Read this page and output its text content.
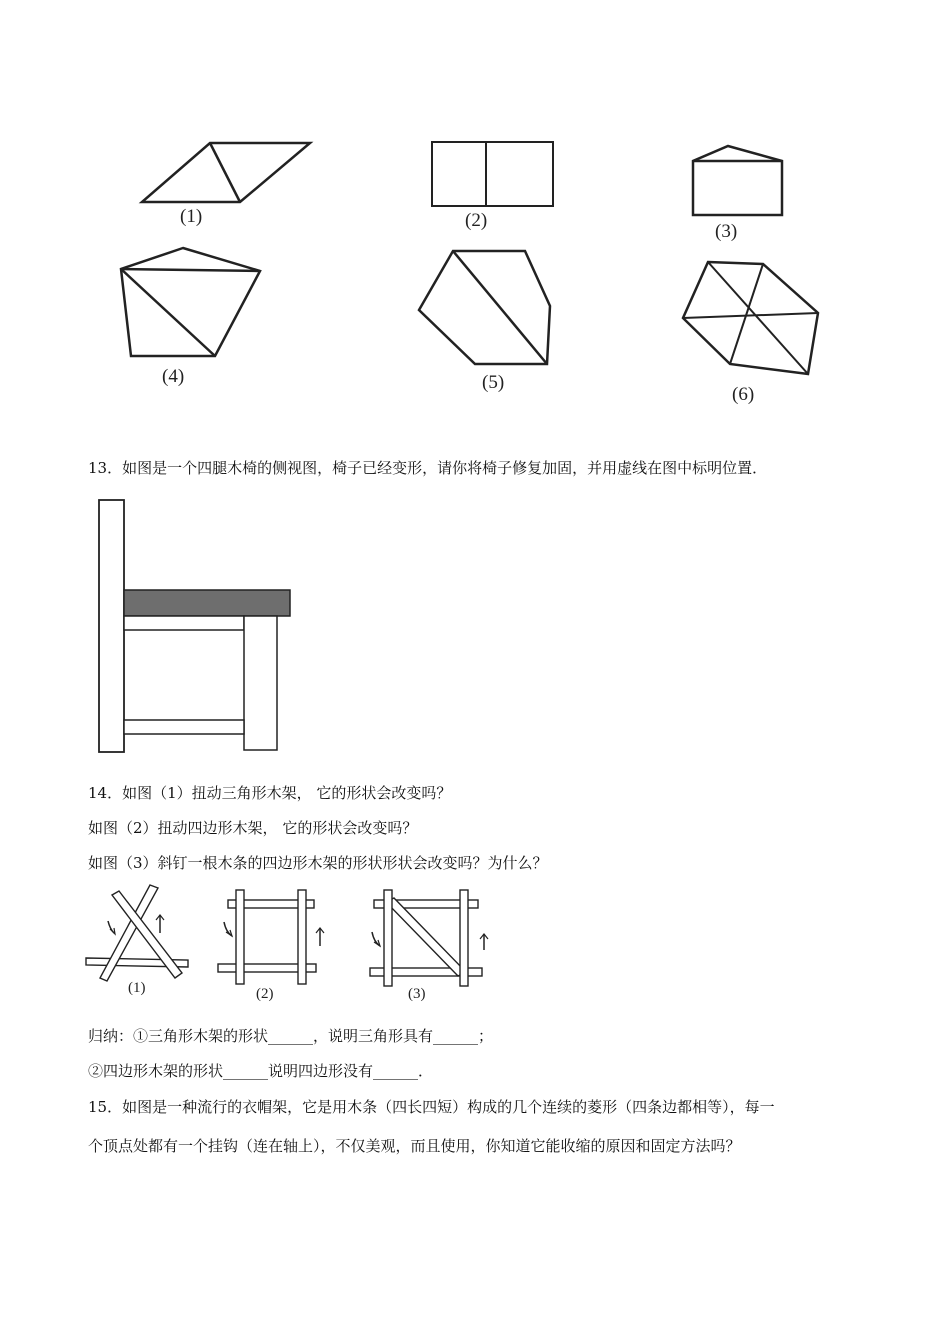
(1)	(2)
(3)
(4)	(5)
(6)
13．如图是一个四腿木椅的侧视图，椅子已经变形，请你将椅子修复加固，并用虚线在图中标明位置．
14．如图（1）扭动三角形木架， 它的形状会改变吗？
如图（2）扭动四边形木架， 它的形状会改变吗？
如图（3）斜钉一根木条的四边形木架的形状形状会改变吗？为什么？
(1)	(2)	(3)
归纳：①三角形木架的形状______，说明三角形具有______；
②四边形木架的形状______说明四边形没有______．
15．如图是一种流行的衣帽架，它是用木条（四长四短）构成的几个连续的菱形（四条边都相等），每一
个顶点处都有一个挂钩（连在轴上），不仅美观，而且使用，你知道它能收缩的原因和固定方法吗？
